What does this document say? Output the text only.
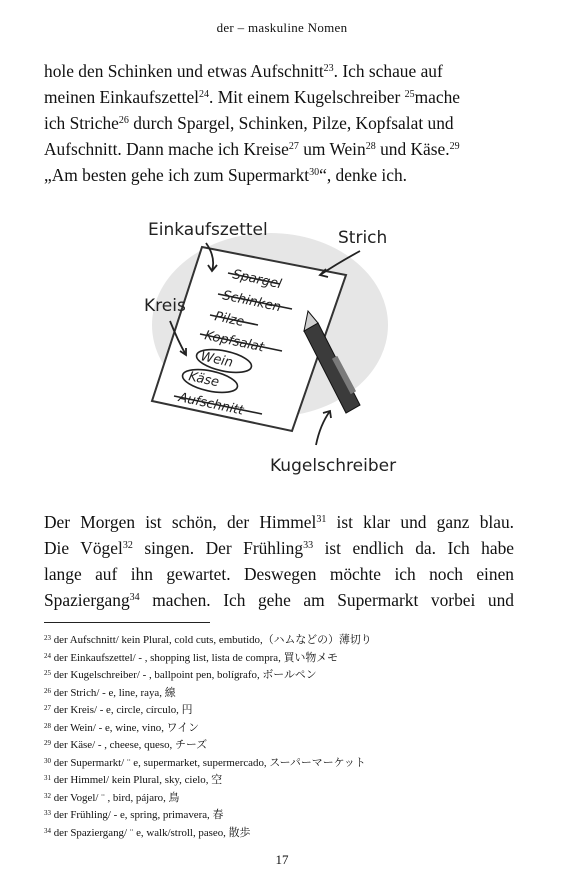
der – maskuline Nomen
hole den Schinken und etwas Aufschnitt$^{23}$. Ich schaue auf
meinen Einkaufszettel$^{24}$. Mit einem Kugelschreiber $^{25}$mache
ich Striche$^{26}$ durch Spargel, Schinken, Pilze, Kopfsalat und
Aufschnitt. Dann mache ich Kreise$^{27}$ um Wein$^{28}$ und Käse.$^{29}$
„Am besten gehe ich zum Supermarkt$^{30}$“, denke ich.
Spargel
Schinken
Pilze
Kopfsalat
Wein
Käse
Aufschnitt
Einkaufszettel	Strich
Kreis
Kugelschreiber
Der Morgen ist schön, der Himmel$^{31}$ ist klar und ganz blau.
Die Vögel$^{32}$ singen. Der Frühling$^{33}$ ist endlich da. Ich habe
lange auf ihn gewartet. Deswegen möchte ich noch einen
Spaziergang$^{34}$ machen. Ich gehe am Supermarkt vorbei und
$^{23}$ der Aufschnitt/ kein Plural, cold cuts, embutido,（ハムなどの）薄切り
$^{24}$ der Einkaufszettel/ - , shopping list, lista de compra, 買い物メモ
$^{25}$ der Kugelschreiber/ - , ballpoint pen, bolígrafo, ボールペン
$^{26}$ der Strich/ - e, line, raya, 線
$^{27}$ der Kreis/ - e, circle, círculo, 円
$^{28}$ der Wein/ - e, wine, vino, ワイン
$^{29}$ der Käse/ - , cheese, queso, チーズ
$^{30}$ der Supermarkt/ ¨ e, supermarket, supermercado, スーパーマーケット
$^{31}$ der Himmel/ kein Plural, sky, cielo, 空
$^{32}$ der Vogel/ ¨ , bird, pájaro, 鳥
$^{33}$ der Frühling/ - e, spring, primavera, 春
$^{34}$ der Spaziergang/ ¨ e, walk/stroll, paseo, 散歩
17
